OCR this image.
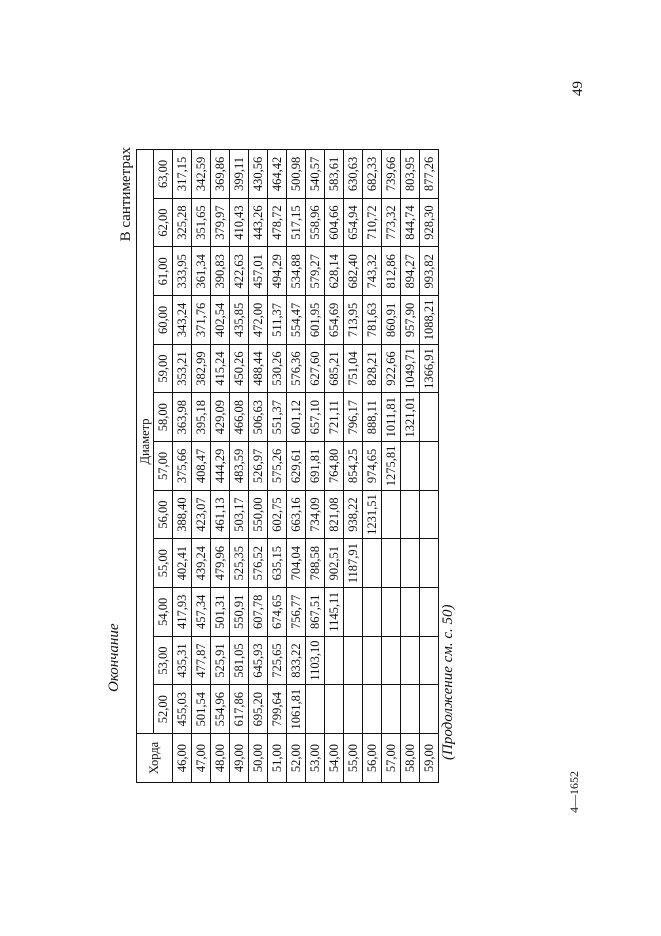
Окончание
В сантиметрах
Хорда	Диаметр											
	52,00	53,00	54,00	55,00	56,00	57,00	58,00	59,00	60,00	61,00	62,00	63,00
46,00	455,03	435,31	417,93	402,41	388,40	375,66	363,98	353,21	343,24	333,95	325,28	317,15
47,00	501,54	477,87	457,34	439,24	423,07	408,47	395,18	382,99	371,76	361,34	351,65	342,59
48,00	554,96	525,91	501,31	479,96	461,13	444,29	429,09	415,24	402,54	390,83	379,97	369,86
49,00	617,86	581,05	550,91	525,35	503,17	483,59	466,08	450,26	435,85	422,63	410,43	399,11
50,00	695,20	645,93	607,78	576,52	550,00	526,97	506,63	488,44	472,00	457,01	443,26	430,56
51,00	799,64	725,65	674,65	635,15	602,75	575,26	551,37	530,26	511,37	494,29	478,72	464,42
52,00	1061,81	833,22	756,77	704,04	663,16	629,61	601,12	576,36	554,47	534,88	517,15	500,98
53,00		1103,10	867,51	788,58	734,09	691,81	657,10	627,60	601,95	579,27	558,96	540,57
54,00			1145,11	902,51	821,08	764,80	721,11	685,21	654,69	628,14	604,66	583,61
55,00				1187,91	938,22	854,25	796,17	751,04	713,95	682,40	654,94	630,63
56,00					1231,51	974,65	888,11	828,21	781,63	743,32	710,72	682,33
57,00						1275,81	1011,81	922,66	860,91	812,86	773,32	739,66
58,00							1321,01	1049,71	957,90	894,27	844,74	803,95
59,00								1366,91	1088,21	993,82	928,30	877,26
(Продолжение см. с. 50)
4—1652
49
